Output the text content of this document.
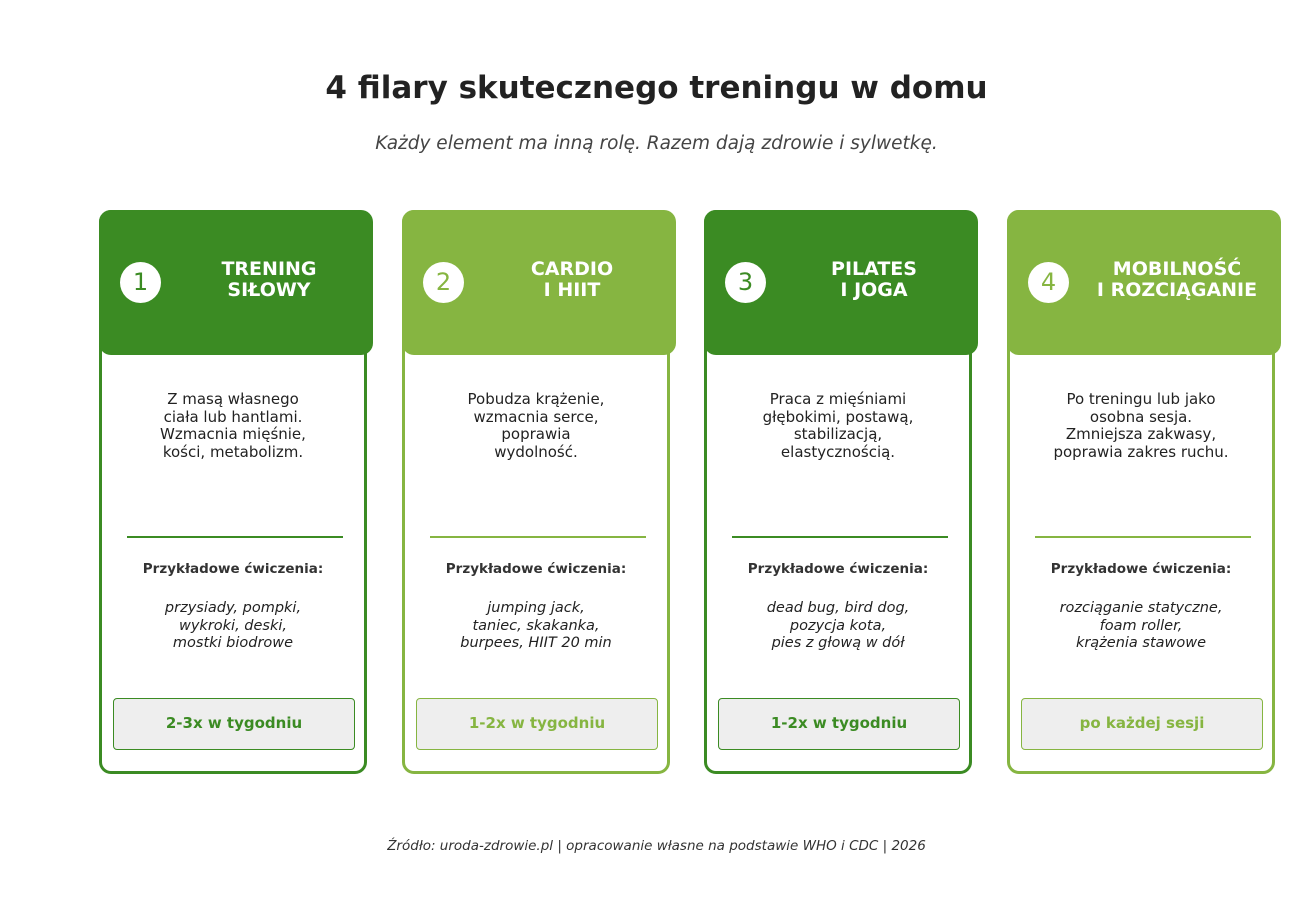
4 filary skutecznego treningu w domu
Każdy element ma inną rolę. Razem dają zdrowie i sylwetkę.
1	TRENING
SIŁOWY
Z masą własnego
ciała lub hantlami.
Wzmacnia mięśnie,
kości, metabolizm.
Przykładowe ćwiczenia:
przysiady, pompki,
wykroki, deski,
mostki biodrowe
2-3x w tygodniu
2	CARDIO
I HIIT
Pobudza krążenie,
wzmacnia serce,
poprawia
wydolność.
Przykładowe ćwiczenia:
jumping jack,
taniec, skakanka,
burpees, HIIT 20 min
1-2x w tygodniu
3	PILATES
I JOGA
Praca z mięśniami
głębokimi, postawą,
stabilizacją,
elastycznością.
Przykładowe ćwiczenia:
dead bug, bird dog,
pozycja kota,
pies z głową w dół
1-2x w tygodniu
4	MOBILNOŚĆ
I ROZCIĄGANIE
Po treningu lub jako
osobna sesja.
Zmniejsza zakwasy,
poprawia zakres ruchu.
Przykładowe ćwiczenia:
rozciąganie statyczne,
foam roller,
krążenia stawowe
po każdej sesji
Źródło: uroda-zdrowie.pl | opracowanie własne na podstawie WHO i CDC | 2026
